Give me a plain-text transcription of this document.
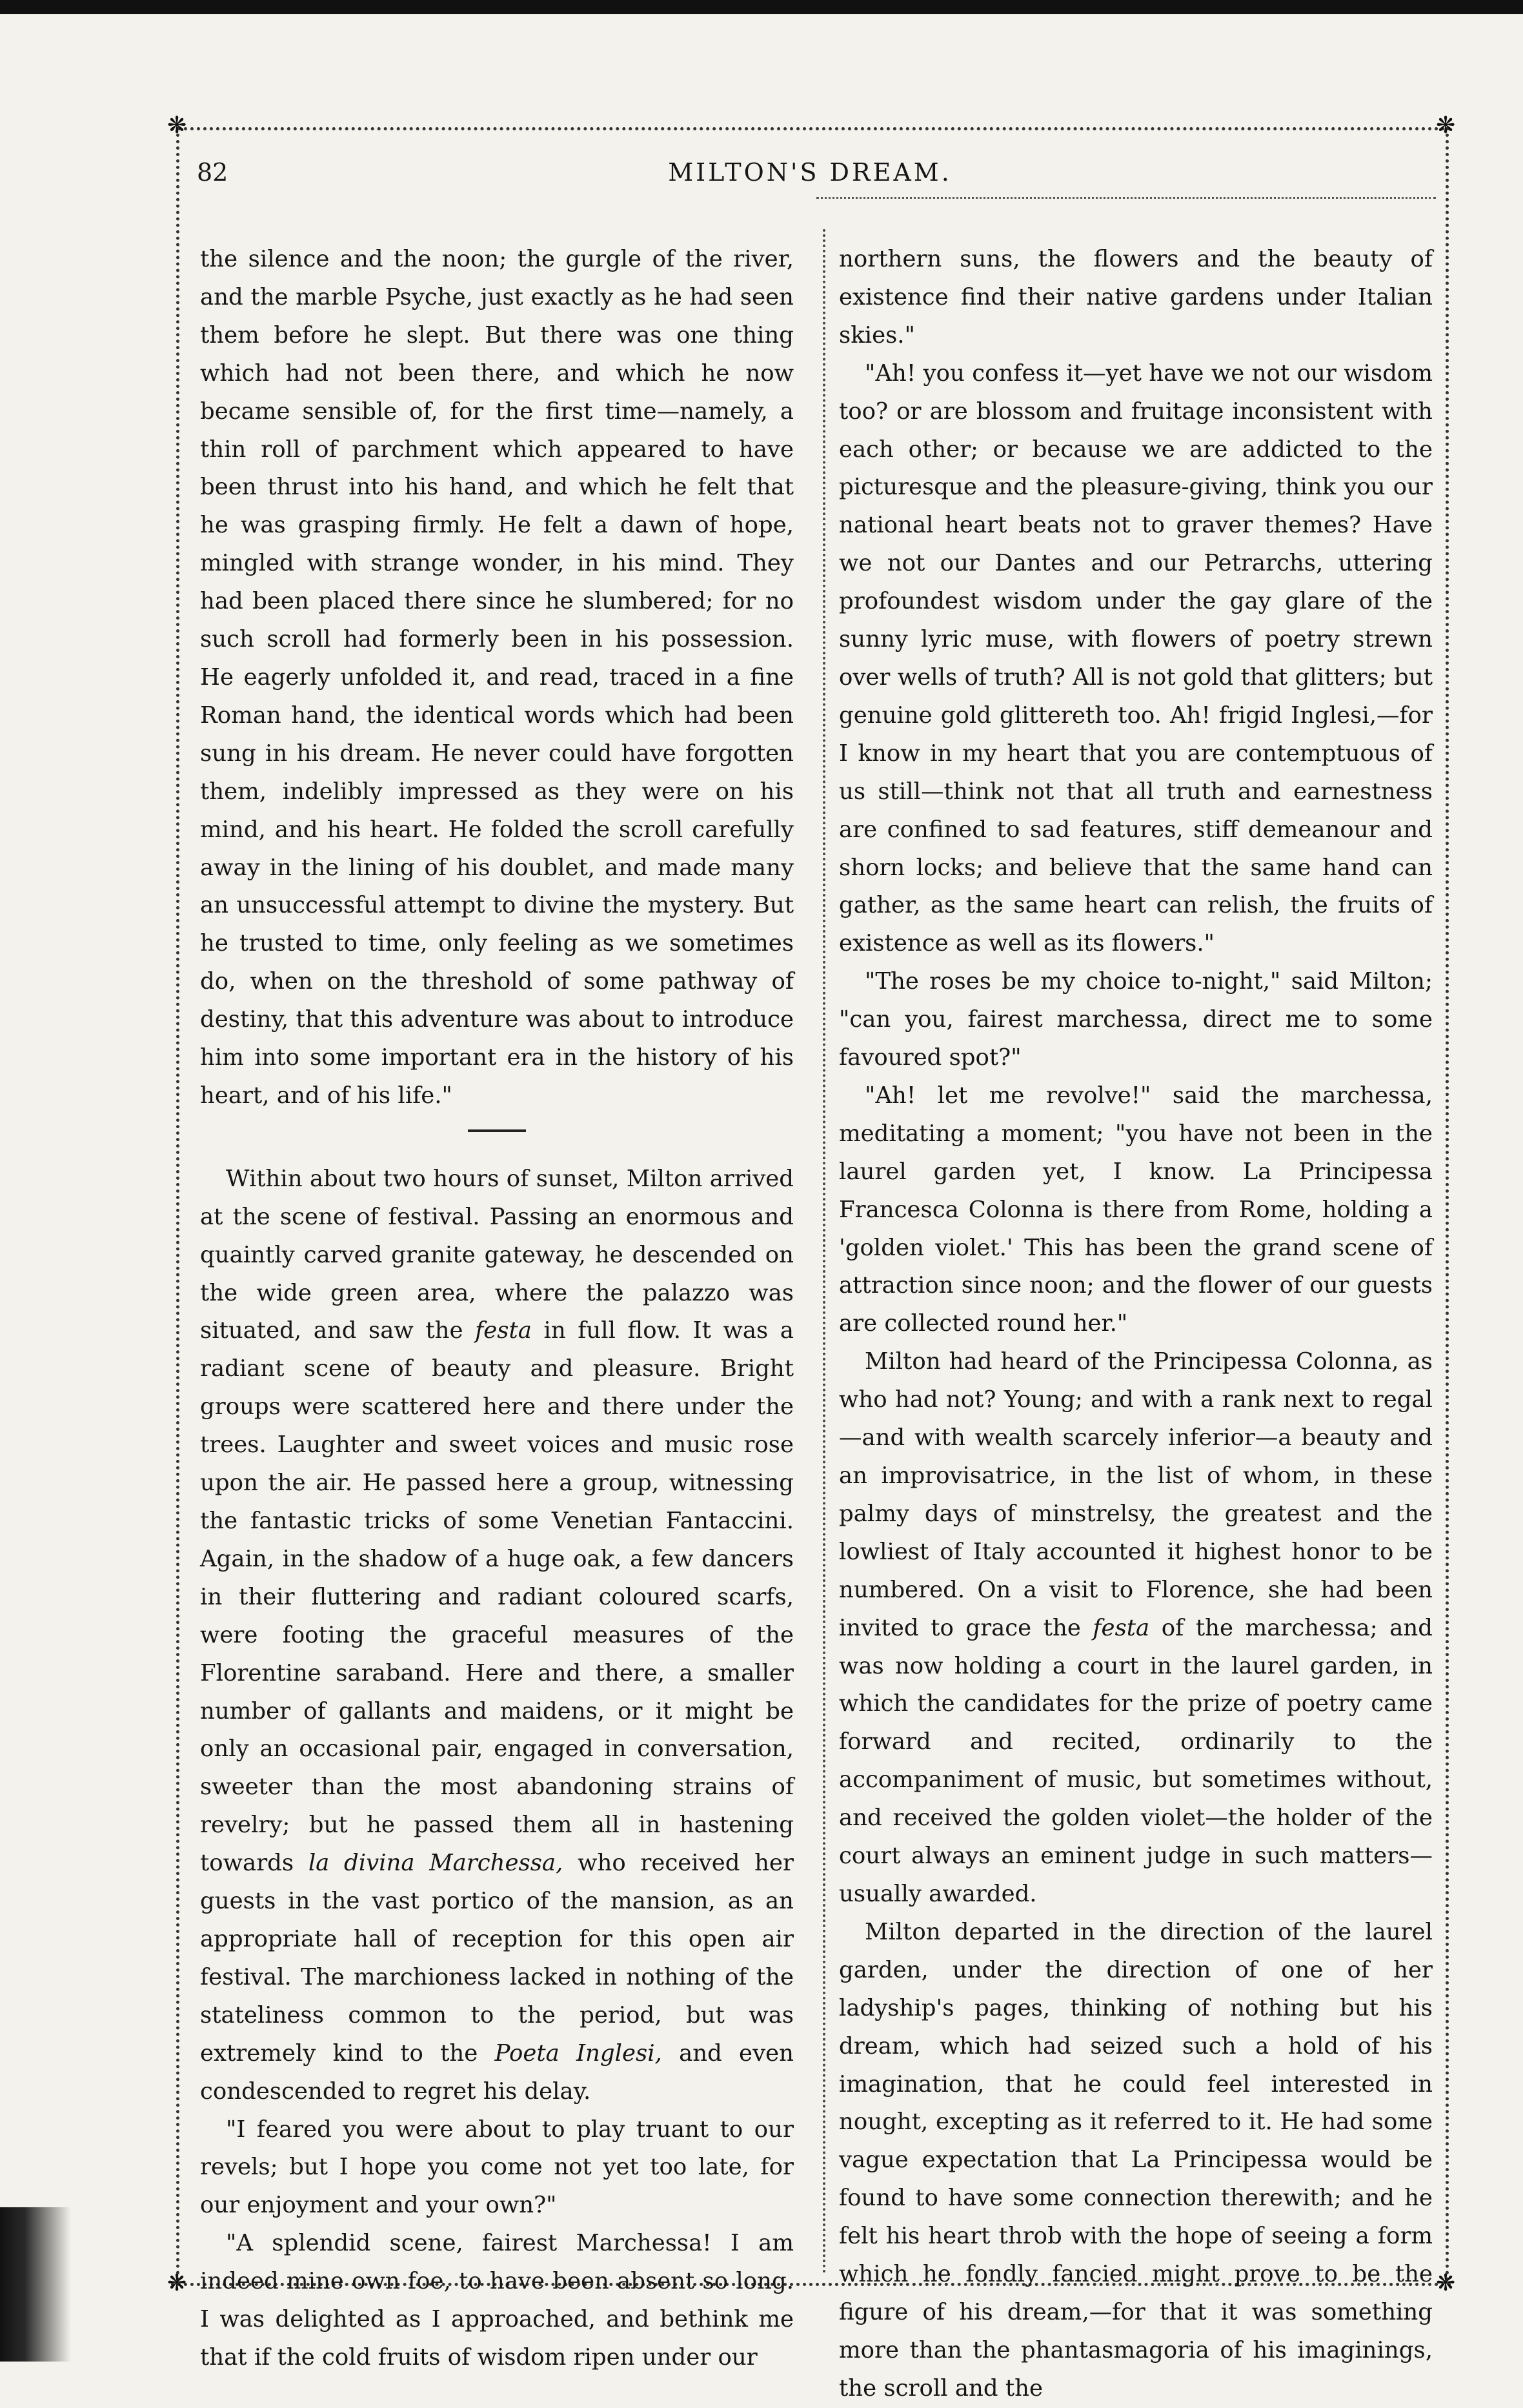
❋	❋
❋	❋
82	MILTON'S DREAM.

the silence and the noon; the gurgle of the river, and the marble Psyche, just exactly as he had seen them before he slept. But there was one thing which had not been there, and which he now became sensible of, for the first time—namely, a thin roll of parchment which appeared to have been thrust into his hand, and which he felt that he was grasping firmly. He felt a dawn of hope, mingled with strange wonder, in his mind. They had been placed there since he slumbered; for no such scroll had formerly been in his possession. He eagerly unfolded it, and read, traced in a fine Roman hand, the identical words which had been sung in his dream. He never could have forgotten them, indelibly impressed as they were on his mind, and his heart. He folded the scroll carefully away in the lining of his doublet, and made many an unsuccessful attempt to divine the mystery. But he trusted to time, only feeling as we sometimes do, when on the threshold of some pathway of destiny, that this adventure was about to introduce him into some important era in the history of his heart, and of his life."

Within about two hours of sunset, Milton arrived at the scene of festival. Passing an enormous and quaintly carved granite gateway, he descended on the wide green area, where the palazzo was situated, and saw the festa in full flow. It was a radiant scene of beauty and pleasure. Bright groups were scattered here and there under the trees. Laughter and sweet voices and music rose upon the air. He passed here a group, witnessing the fantastic tricks of some Venetian Fantaccini. Again, in the shadow of a huge oak, a few dancers in their fluttering and radiant coloured scarfs, were footing the graceful measures of the Florentine saraband. Here and there, a smaller number of gallants and maidens, or it might be only an occasional pair, engaged in conversation, sweeter than the most abandoning strains of revelry; but he passed them all in hastening towards la divina Marchessa, who received her guests in the vast portico of the mansion, as an appropriate hall of reception for this open air festival. The marchioness lacked in nothing of the stateliness common to the period, but was extremely kind to the Poeta Inglesi, and even condescended to regret his delay.

"I feared you were about to play truant to our revels; but I hope you come not yet too late, for our enjoyment and your own?"

"A splendid scene, fairest Marchessa! I am indeed mine own foe, to have been absent so long. I was delighted as I approached, and bethink me that if the cold fruits of wisdom ripen under our

northern suns, the flowers and the beauty of existence find their native gardens under Italian skies."

"Ah! you confess it—yet have we not our wisdom too? or are blossom and fruitage inconsistent with each other; or because we are addicted to the picturesque and the pleasure-giving, think you our national heart beats not to graver themes? Have we not our Dantes and our Petrarchs, uttering profoundest wisdom under the gay glare of the sunny lyric muse, with flowers of poetry strewn over wells of truth? All is not gold that glitters; but genuine gold glittereth too. Ah! frigid Inglesi,—for I know in my heart that you are contemptuous of us still—think not that all truth and earnestness are confined to sad features, stiff demeanour and shorn locks; and believe that the same hand can gather, as the same heart can relish, the fruits of existence as well as its flowers."

"The roses be my choice to-night," said Milton; "can you, fairest marchessa, direct me to some favoured spot?"

"Ah! let me revolve!" said the marchessa, meditating a moment; "you have not been in the laurel garden yet, I know. La Principessa Francesca Colonna is there from Rome, holding a 'golden violet.' This has been the grand scene of attraction since noon; and the flower of our guests are collected round her."

Milton had heard of the Principessa Colonna, as who had not? Young; and with a rank next to regal—and with wealth scarcely inferior—a beauty and an improvisatrice, in the list of whom, in these palmy days of minstrelsy, the greatest and the lowliest of Italy accounted it highest honor to be numbered. On a visit to Florence, she had been invited to grace the festa of the marchessa; and was now holding a court in the laurel garden, in which the candidates for the prize of poetry came forward and recited, ordinarily to the accompaniment of music, but sometimes without, and received the golden violet—the holder of the court always an eminent judge in such matters—usually awarded.

Milton departed in the direction of the laurel garden, under the direction of one of her ladyship's pages, thinking of nothing but his dream, which had seized such a hold of his imagination, that he could feel interested in nought, excepting as it referred to it. He had some vague expectation that La Principessa would be found to have some connection therewith; and he felt his heart throb with the hope of seeing a form which he fondly fancied might prove to be the figure of his dream,—for that it was something more than the phantasmagoria of his imaginings, the scroll and the
